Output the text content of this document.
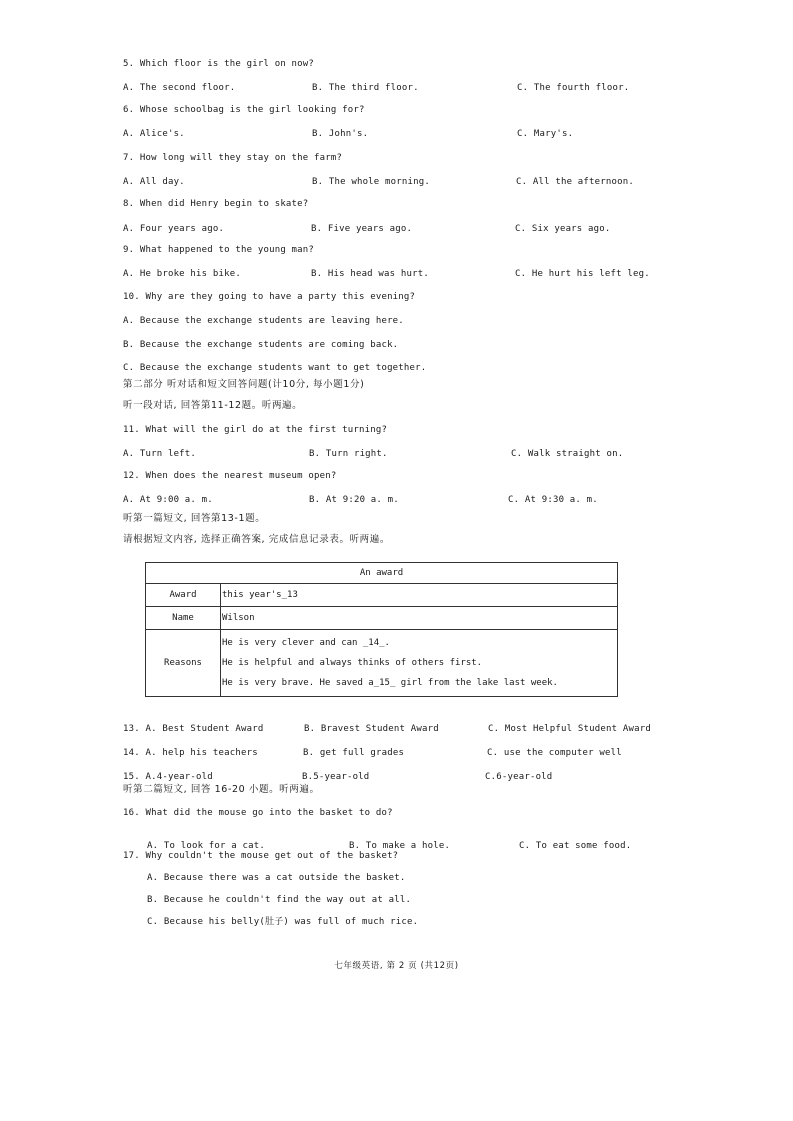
5. Which floor is the girl on now?
A. The second floor.	B. The third floor.	C. The fourth floor.
6. Whose schoolbag is the girl looking for?
A. Alice's.	B. John's.	C. Mary's.
7. How long will they stay on the farm?
A. All day.	B. The whole morning.	C. All the afternoon.
8. When did Henry begin to skate?
A. Four years ago.	B. Five years ago.	C. Six years ago.
9. What happened to the young man?
A. He broke his bike.	B. His head was hurt.	C. He hurt his left leg.
10. Why are they going to have a party this evening?
A. Because the exchange students are leaving here.
B. Because the exchange students are coming back.
C. Because the exchange students want to get together.
第二部分 听对话和短文回答问题(计10分, 每小题1分)
听一段对话, 回答第11-12题。听两遍。
11. What will the girl do at the first turning?
A. Turn left.	B. Turn right.	C. Walk straight on.
12. When does the nearest museum open?
A. At 9:00 a. m.	B. At 9:20 a. m.	C. At 9:30 a. m.
听第一篇短文, 回答第13-1题。
请根据短文内容, 选择正确答案, 完成信息记录表。听两遍。
An award	
Award	this year's_13
Name	Wilson
Reasons	He is very clever and can _14_.
He is helpful and always thinks of others first.
He is very brave. He saved a_15_ girl from the lake last week.
13. A. Best Student Award	B. Bravest Student Award	C. Most Helpful Student Award
14. A. help his teachers	B. get full grades	C. use the computer well
15. A.4-year-old	B.5-year-old	C.6-year-old
听第二篇短文, 回答 16-20 小题。听两遍。
16. What did the mouse go into the basket to do?
A. To look for a cat.	B. To make a hole.	C. To eat some food.
17. Why couldn't the mouse get out of the basket?
A. Because there was a cat outside the basket.
B. Because he couldn't find the way out at all.
C. Because his belly(肚子) was full of much rice.
七年级英语, 第 2 页 (共12页)
